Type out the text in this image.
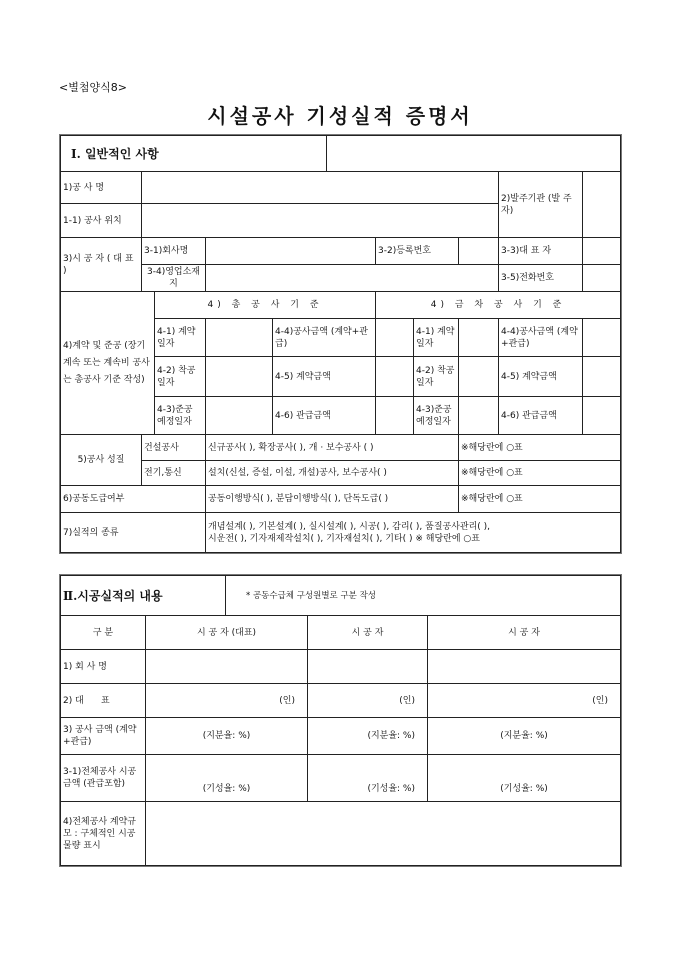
<별첨양식8>
시설공사 기성실적 증명서
Ⅰ. 일반적인 사항										
1)공 사 명									2)발주기관 (발 주 자)	
1-1) 공사 위치										
3)시 공 자 ( 대 표 )	3-1)회사명					3-2)등록번호			3-3)대 표 자	
	3-4)영업소재지								3-5)전화번호	
4)계약 및 준공 (장기계속 또는 계속비 공사는 총공사 기준 작성)		4) 총 공 사 기 준				4) 금 차 공 사 기 준				
		4-1) 계약일자		4-4)공사금액 (계약+관급)			4-1) 계약일자		4-4)공사금액 (계약+관급)	
		4-2) 착공일자		4-5) 계약금액			4-2) 착공일자		4-5) 계약금액	
		4-3)준공 예정일자		4-6) 관급금액			4-3)준공 예정일자		4-6) 관급금액	
5)공사 성질	건설공사		신규공사( ), 확장공사( ), 개 · 보수공사 ( )					※해당란에 ○표		
	전기,통신		설치(신설, 증설, 이설, 개설)공사, 보수공사( )					※해당란에 ○표		
6)공동도급여부			공동이행방식( ), 분담이행방식( ), 단독도급( )					※해당란에 ○표		
7)실적의 종류			개념설계( ), 기본설계( ), 실시설계( ), 시공( ), 감리( ), 품질공사관리( ),
시운전( ), 기자재제작설치( ), 기자재설치( ), 기타( ) ※ 해당란에 ○표							
Ⅱ.시공실적의 내용		* 공동수급체 구성원별로 구분 작성		
구 분	시 공 자 (대표)		시 공 자	시 공 자
1) 회 사 명				
2) 대      표	(인)		(인)	(인)
3) 공사 금액 (계약+관급)	(지분율: %)		(지분율: %)	(지분율: %)
3-1)전체공사 시공금액 (관급포함)	(기성율: %)		(기성율: %)	(기성율: %)
4)전체공사 계약규모 : 구체적인 시공물량 표시				
